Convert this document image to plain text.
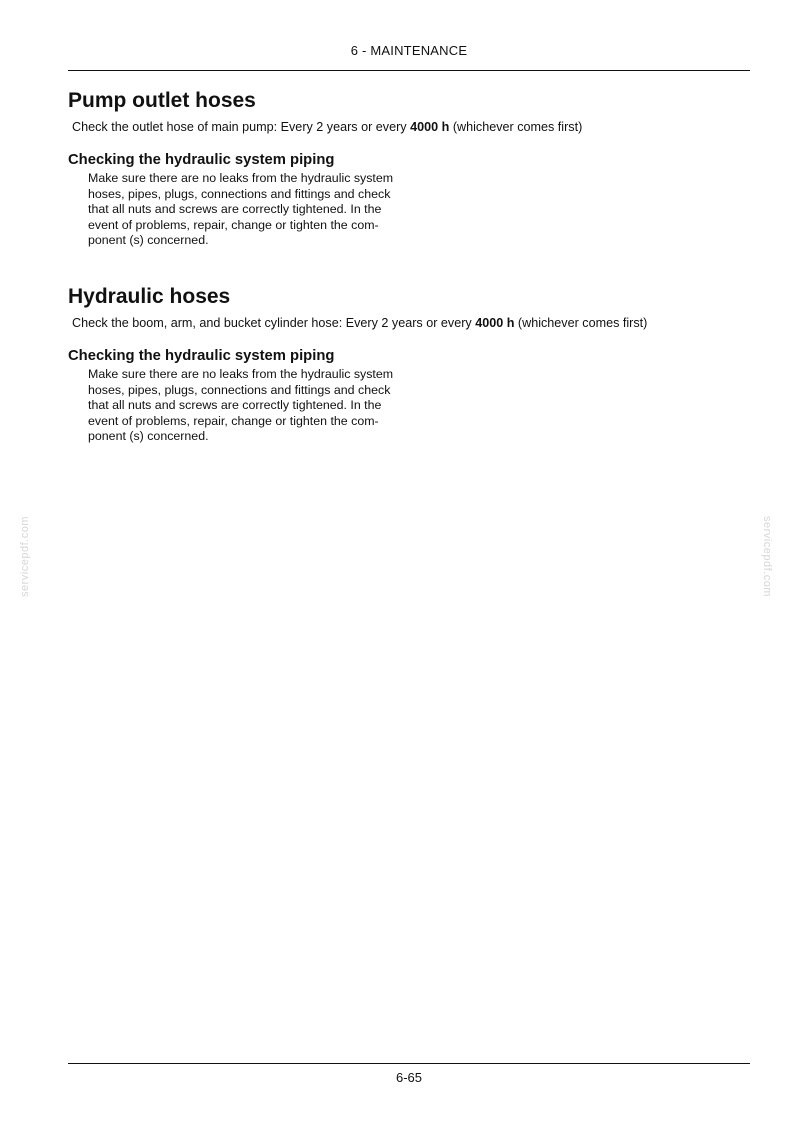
6 - MAINTENANCE
Pump outlet hoses

Check the outlet hose of main pump: Every 2 years or every 4000 h (whichever comes first)

Checking the hydraulic system piping
Make sure there are no leaks from the hydraulic system
hoses, pipes, plugs, connections and fittings and check
that all nuts and screws are correctly tightened. In the
event of problems, repair, change or tighten the com-
ponent (s) concerned.
Hydraulic hoses

Check the boom, arm, and bucket cylinder hose: Every 2 years or every 4000 h (whichever comes first)

Checking the hydraulic system piping
Make sure there are no leaks from the hydraulic system
hoses, pipes, plugs, connections and fittings and check
that all nuts and screws are correctly tightened. In the
event of problems, repair, change or tighten the com-
ponent (s) concerned.
servicepdf.com	servicepdf.com
6-65
